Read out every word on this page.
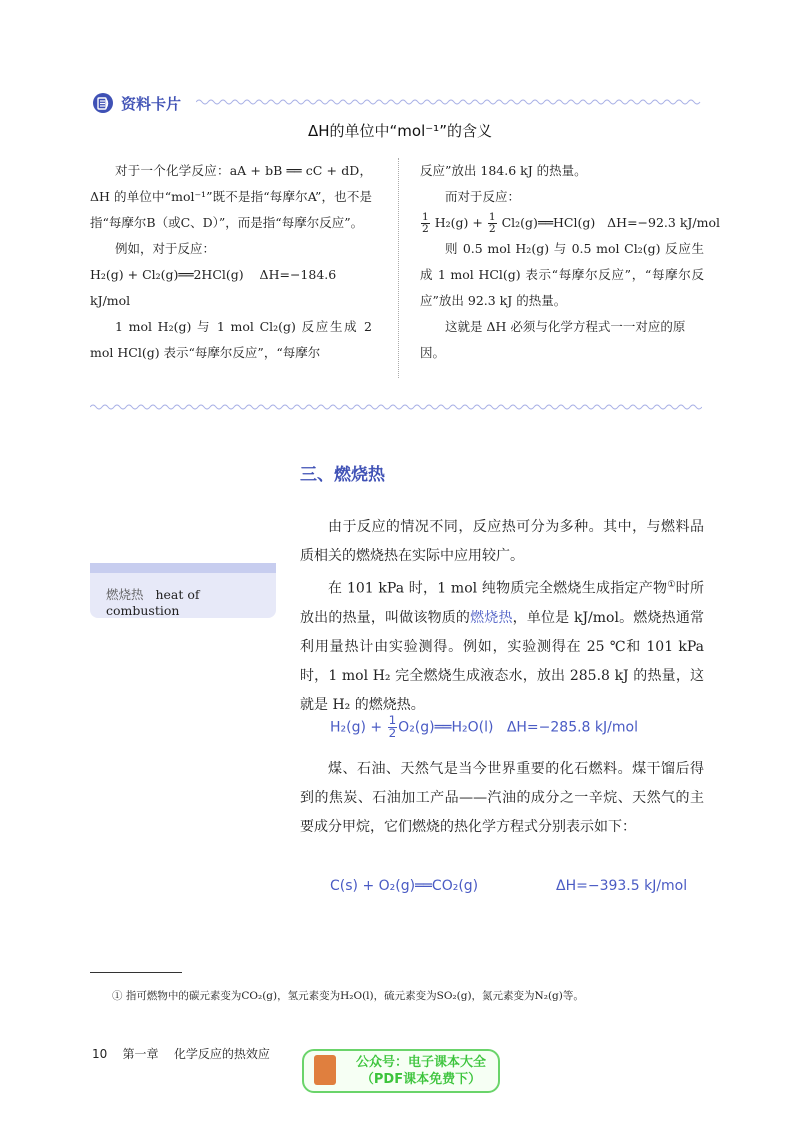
资料卡片
ΔH的单位中“mol⁻¹”的含义

对于一个化学反应：aA + bB ══ cC + dD，ΔH 的单位中“mol⁻¹”既不是指“每摩尔A”，也不是指“每摩尔B（或C、D）”，而是指“每摩尔反应”。

例如，对于反应：

H₂(g) + Cl₂(g)══2HCl(g) ΔH=−184.6 kJ/mol

1 mol H₂(g) 与 1 mol Cl₂(g) 反应生成 2 mol HCl(g) 表示“每摩尔反应”，“每摩尔

反应”放出 184.6 kJ 的热量。

而对于反应：

$\frac{1}{2} H_2(g) + \frac{1}{2}$ Cl₂(g)══HCl(g) ΔH=−92.3 kJ/mol

则 0.5 mol H₂(g) 与 0.5 mol Cl₂(g) 反应生成 1 mol HCl(g) 表示“每摩尔反应”，“每摩尔反应”放出 92.3 kJ 的热量。

这就是 ΔH 必须与化学方程式一一对应的原因。

三、燃烧热
燃烧热 heat of combustion

由于反应的情况不同，反应热可分为多种。其中，与燃料品质相关的燃烧热在实际中应用较广。

在 101 kPa 时，1 mol 纯物质完全燃烧生成指定产物①时所放出的热量，叫做该物质的燃烧热，单位是 kJ/mol。燃烧热通常利用量热计由实验测得。例如，实验测得在 25 ℃和 101 kPa 时，1 mol H₂ 完全燃烧生成液态水，放出 285.8 kJ 的热量，这就是 H₂ 的燃烧热。

$H_2(g) + \frac{1}{2}$ O₂(g)══H₂O(l) ΔH=−285.8 kJ/mol

煤、石油、天然气是当今世界重要的化石燃料。煤干馏后得到的焦炭、石油加工产品——汽油的成分之一辛烷、天然气的主要成分甲烷，它们燃烧的热化学方程式分别表示如下：

C(s) + O₂(g)══CO₂(g)	ΔH=−393.5 kJ/mol
① 指可燃物中的碳元素变为CO₂(g)，氢元素变为H₂O(l)，硫元素变为SO₂(g)，氮元素变为N₂(g)等。
10 第一章 化学反应的热效应
公众号：电子课本大全
（PDF课本免费下）
